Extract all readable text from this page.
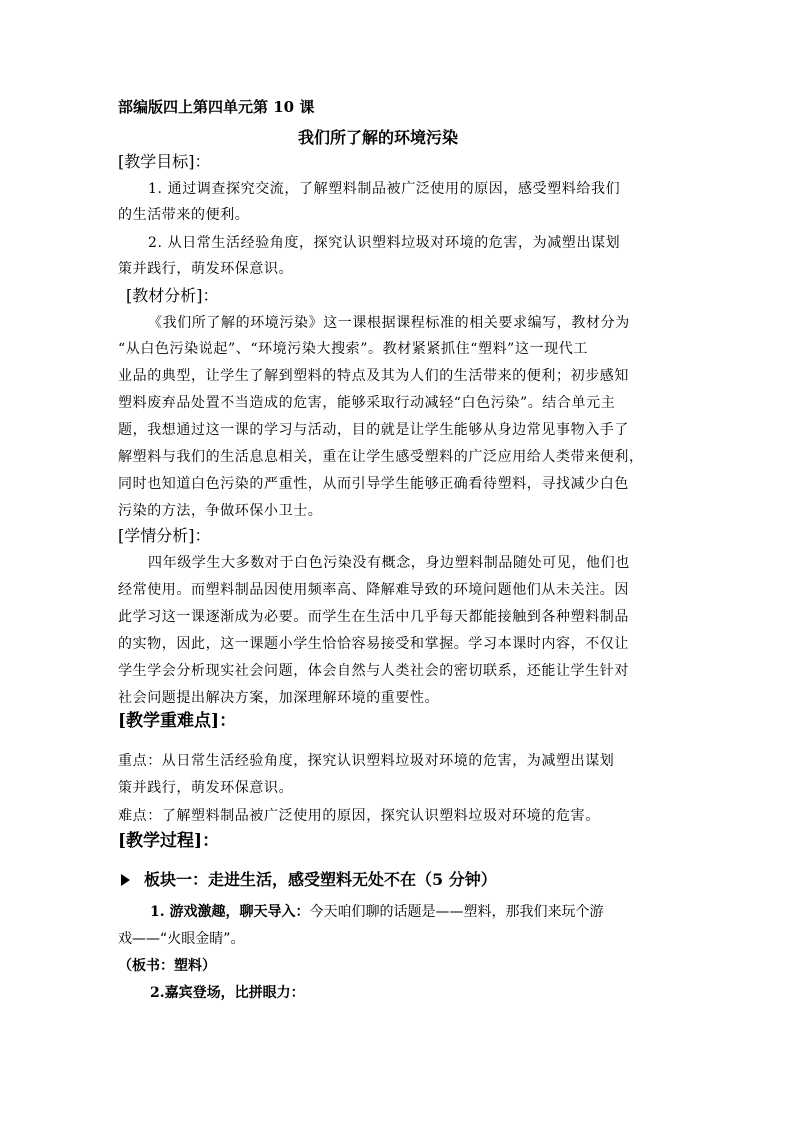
部编版四上第四单元第 10 课
我们所了解的环境污染
[教学目标]：
1. 通过调查探究交流，了解塑料制品被广泛使用的原因，感受塑料给我们
的生活带来的便利。
2. 从日常生活经验角度，探究认识塑料垃圾对环境的危害，为减塑出谋划
策并践行，萌发环保意识。
[教材分析]：
《我们所了解的环境污染》这一课根据课程标准的相关要求编写，教材分为
“从白色污染说起”、“环境污染大搜索”。教材紧紧抓住“塑料”这一现代工
业品的典型，让学生了解到塑料的特点及其为人们的生活带来的便利；初步感知
塑料废弃品处置不当造成的危害，能够采取行动减轻“白色污染”。结合单元主
题，我想通过这一课的学习与活动，目的就是让学生能够从身边常见事物入手了
解塑料与我们的生活息息相关，重在让学生感受塑料的广泛应用给人类带来便利，
同时也知道白色污染的严重性，从而引导学生能够正确看待塑料，寻找减少白色
污染的方法，争做环保小卫士。
[学情分析]：
四年级学生大多数对于白色污染没有概念，身边塑料制品随处可见，他们也
经常使用。而塑料制品因使用频率高、降解难导致的环境问题他们从未关注。因
此学习这一课逐渐成为必要。而学生在生活中几乎每天都能接触到各种塑料制品
的实物，因此，这一课题小学生恰恰容易接受和掌握。学习本课时内容，不仅让
学生学会分析现实社会问题，体会自然与人类社会的密切联系，还能让学生针对
社会问题提出解决方案，加深理解环境的重要性。
[教学重难点]：
重点：从日常生活经验角度，探究认识塑料垃圾对环境的危害，为减塑出谋划
策并践行，萌发环保意识。
难点：了解塑料制品被广泛使用的原因，探究认识塑料垃圾对环境的危害。
[教学过程]：
板块一：走进生活，感受塑料无处不在（5 分钟）
1. 游戏激趣，聊天导入：今天咱们聊的话题是——塑料，那我们来玩个游
戏——“火眼金睛”。
（板书：塑料）
2.嘉宾登场，比拼眼力：
